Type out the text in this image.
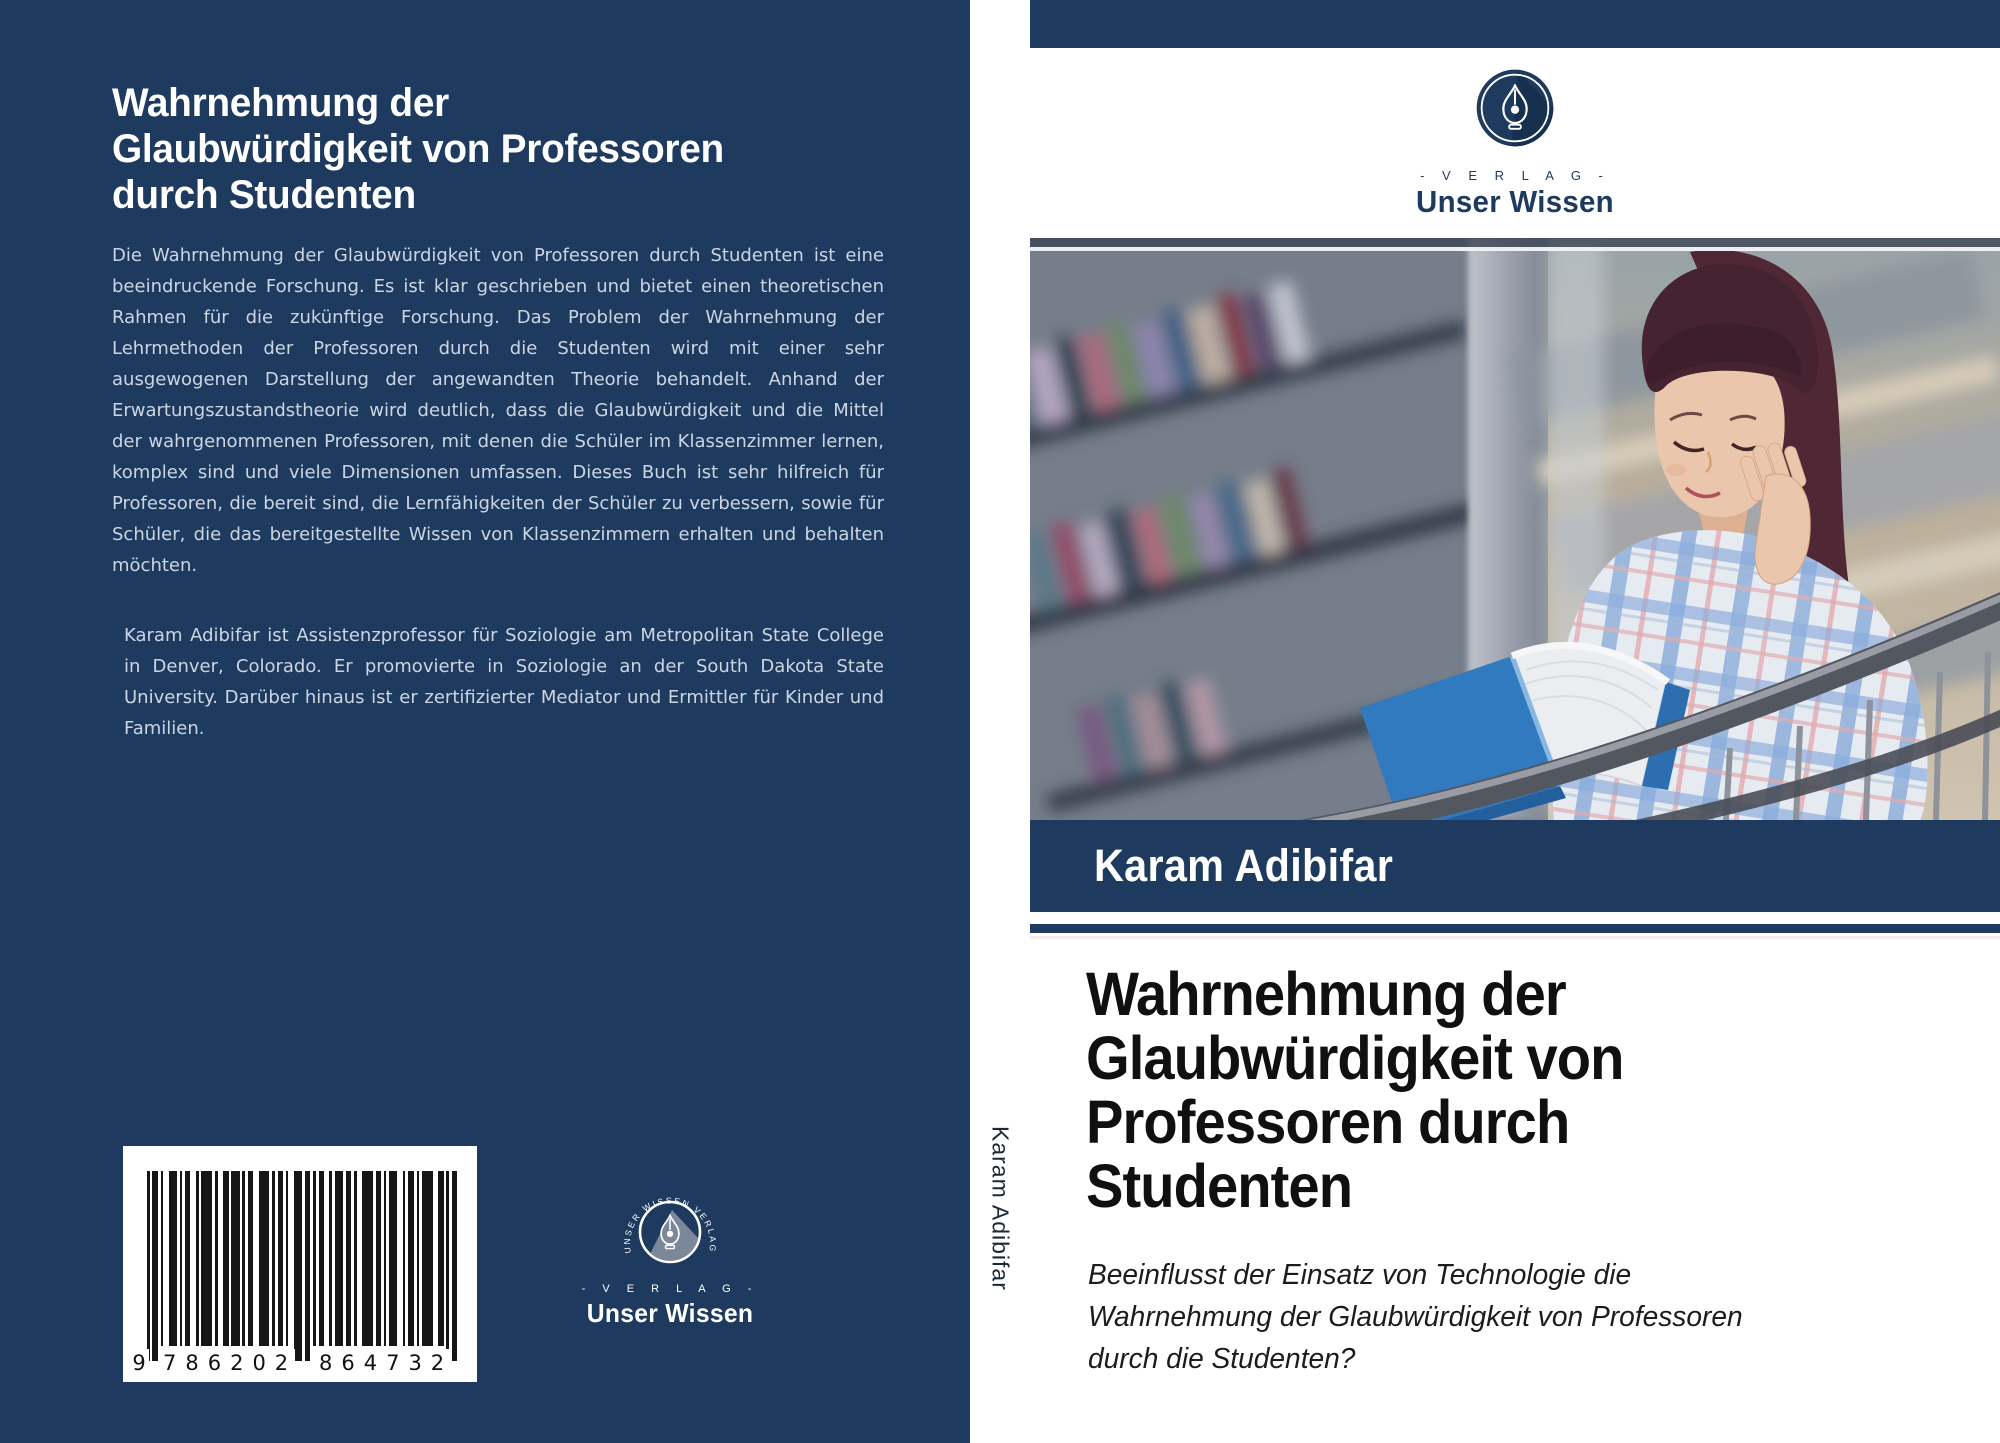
Wahrnehmung der
Glaubwürdigkeit von Professoren
durch Studenten

Die Wahrnehmung der Glaubwürdigkeit von Professoren durch Studenten ist eine beeindruckende Forschung. Es ist klar geschrieben und bietet einen theoretischen Rahmen für die zukünftige Forschung. Das Problem der Wahrnehmung der Lehrmethoden der Professoren durch die Studenten wird mit einer sehr ausgewogenen Darstellung der angewandten Theorie behandelt. Anhand der Erwartungszustandstheorie wird deutlich, dass die Glaubwürdigkeit und die Mittel der wahrgenommenen Professoren, mit denen die Schüler im Klassenzimmer lernen, komplex sind und viele Dimensionen umfassen. Dieses Buch ist sehr hilfreich für Professoren, die bereit sind, die Lernfähigkeiten der Schüler zu verbessern, sowie für Schüler, die das bereitgestellte Wissen von Klassenzimmern erhalten und behalten möchten.

Karam Adibifar ist Assistenzprofessor für Soziologie am Metropolitan State College in Denver, Colorado. Er promovierte in Soziologie an der South Dakota State University. Darüber hinaus ist er zertifizierter Mediator und Ermittler für Kinder und Familien.

9 786202 864732
UNSER WISSEN VERLAG
- V E R L A G -
Unser Wissen
Karam Adibifar
- V E R L A G -
Unser Wissen
Karam Adibifar
Wahrnehmung der
Glaubwürdigkeit von
Professoren durch
Studenten
Beeinflusst der Einsatz von Technologie die
Wahrnehmung der Glaubwürdigkeit von Professoren
durch die Studenten?
